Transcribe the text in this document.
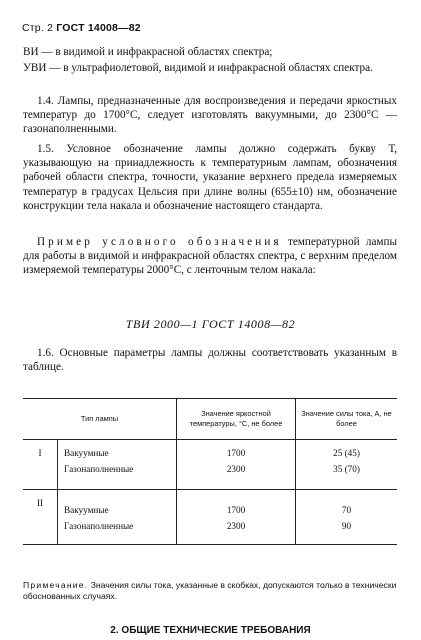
Стр. 2 ГОСТ 14008—82

ВИ — в видимой и инфракрасной областях спектра;

УВИ — в ультрафиолетовой, видимой и инфракрасной областях спектра.

1.4. Лампы, предназначенные для воспроизведения и передачи яркостных температур до 1700°С, следует изготовлять вакуумными, до 2300°С — газонаполненными.

1.5. Условное обозначение лампы должно содержать букву Т, указывающую на принадлежность к температурным лампам, обозначения рабочей области спектра, точности, указание верхнего предела измеряемых температур в градусах Цельсия при длине волны (655±10) нм, обозначение конструкции тела накала и обозначение настоящего стандарта.

Пример условного обозначения температурной лампы для работы в видимой и инфракрасной областях спектра, с верхним пределом измеряемой температуры 2000°С, с ленточным телом накала:

ТВИ 2000—1 ГОСТ 14008—82

1.6. Основные параметры лампы должны соответствовать указанным в таблице.

Тип лампы		Значение яркостной температуры, °С, не более	Значение силы тока, А, не более
I	Вакуумные	1700	25 (45)
	Газонаполненные	2300	35 (70)
II	Вакуумные	1700	70
	Газонаполненные	2300	90
Примечание. Значения силы тока, указанные в скобках, допускаются только в технически обоснованных случаях.
2. ОБЩИЕ ТЕХНИЧЕСКИЕ ТРЕБОВАНИЯ
